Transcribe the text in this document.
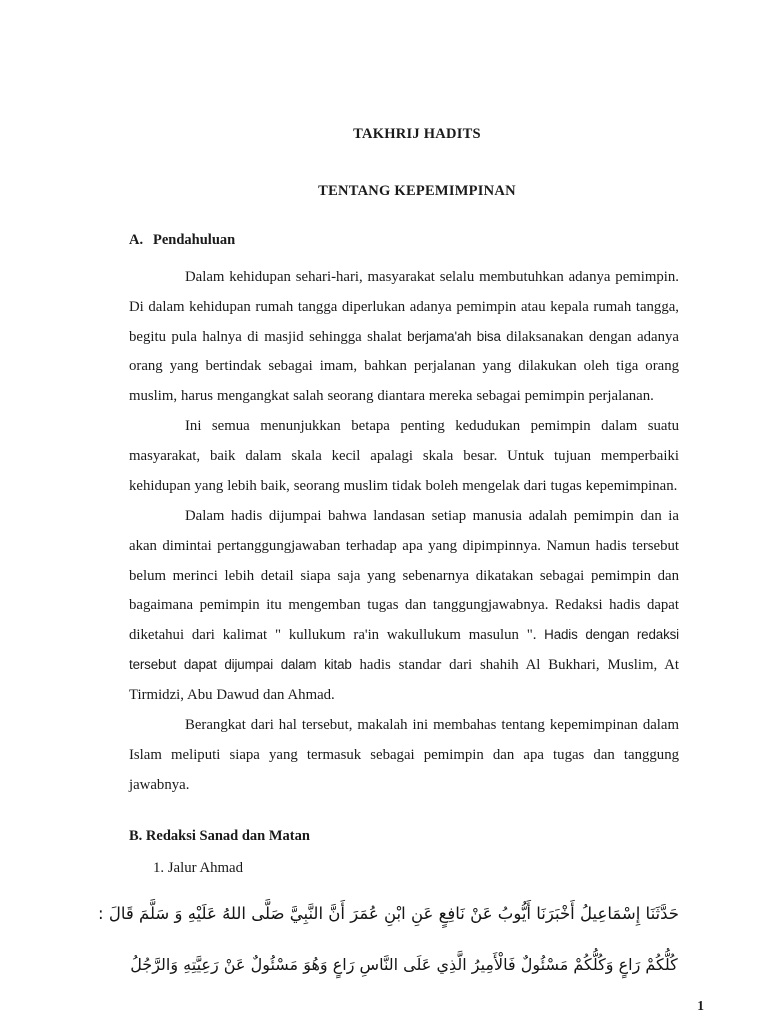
TAKHRIJ HADITS
TENTANG KEPEMIMPINAN
A. Pendahuluan

Dalam kehidupan sehari-hari, masyarakat selalu membutuhkan adanya pemimpin. Di dalam kehidupan rumah tangga diperlukan adanya pemimpin atau kepala rumah tangga, begitu pula halnya di masjid sehingga shalat berjama'ah bisa dilaksanakan dengan adanya orang yang bertindak sebagai imam, bahkan perjalanan yang dilakukan oleh tiga orang muslim, harus mengangkat salah seorang diantara mereka sebagai pemimpin perjalanan.

Ini semua menunjukkan betapa penting kedudukan pemimpin dalam suatu masyarakat, baik dalam skala kecil apalagi skala besar. Untuk tujuan memperbaiki kehidupan yang lebih baik, seorang muslim tidak boleh mengelak dari tugas kepemimpinan.

Dalam hadis dijumpai bahwa landasan setiap manusia adalah pemimpin dan ia akan dimintai pertanggungjawaban terhadap apa yang dipimpinnya. Namun hadis tersebut belum merinci lebih detail siapa saja yang sebenarnya dikatakan sebagai pemimpin dan bagaimana pemimpin itu mengemban tugas dan tanggungjawabnya. Redaksi hadis dapat diketahui dari kalimat " kullukum ra'in wakullukum masulun ". Hadis dengan redaksi tersebut dapat dijumpai dalam kitab hadis standar dari shahih Al Bukhari, Muslim, At Tirmidzi, Abu Dawud dan Ahmad.

Berangkat dari hal tersebut, makalah ini membahas tentang kepemimpinan dalam Islam meliputi siapa yang termasuk sebagai pemimpin dan apa tugas dan tanggung jawabnya.

B. Redaksi Sanad dan Matan
1. Jalur Ahmad
حَدَّثَنَا إِسْمَاعِيلُ أَخْبَرَنَا أَيُّوبُ عَنْ نَافِعٍ عَنِ ابْنِ عُمَرَ أَنَّ النَّبِيَّ صَلَّى اللهُ عَلَيْهِ وَ سَلَّمَ قَالَ :
كُلُّكُمْ رَاعٍ وَكُلُّكُمْ مَسْئُولٌ فَالْأَمِيرُ الَّذِي عَلَى النَّاسِ رَاعٍ وَهُوَ مَسْئُولٌ عَنْ رَعِيَّتِهِ وَالرَّجُلُ
1
